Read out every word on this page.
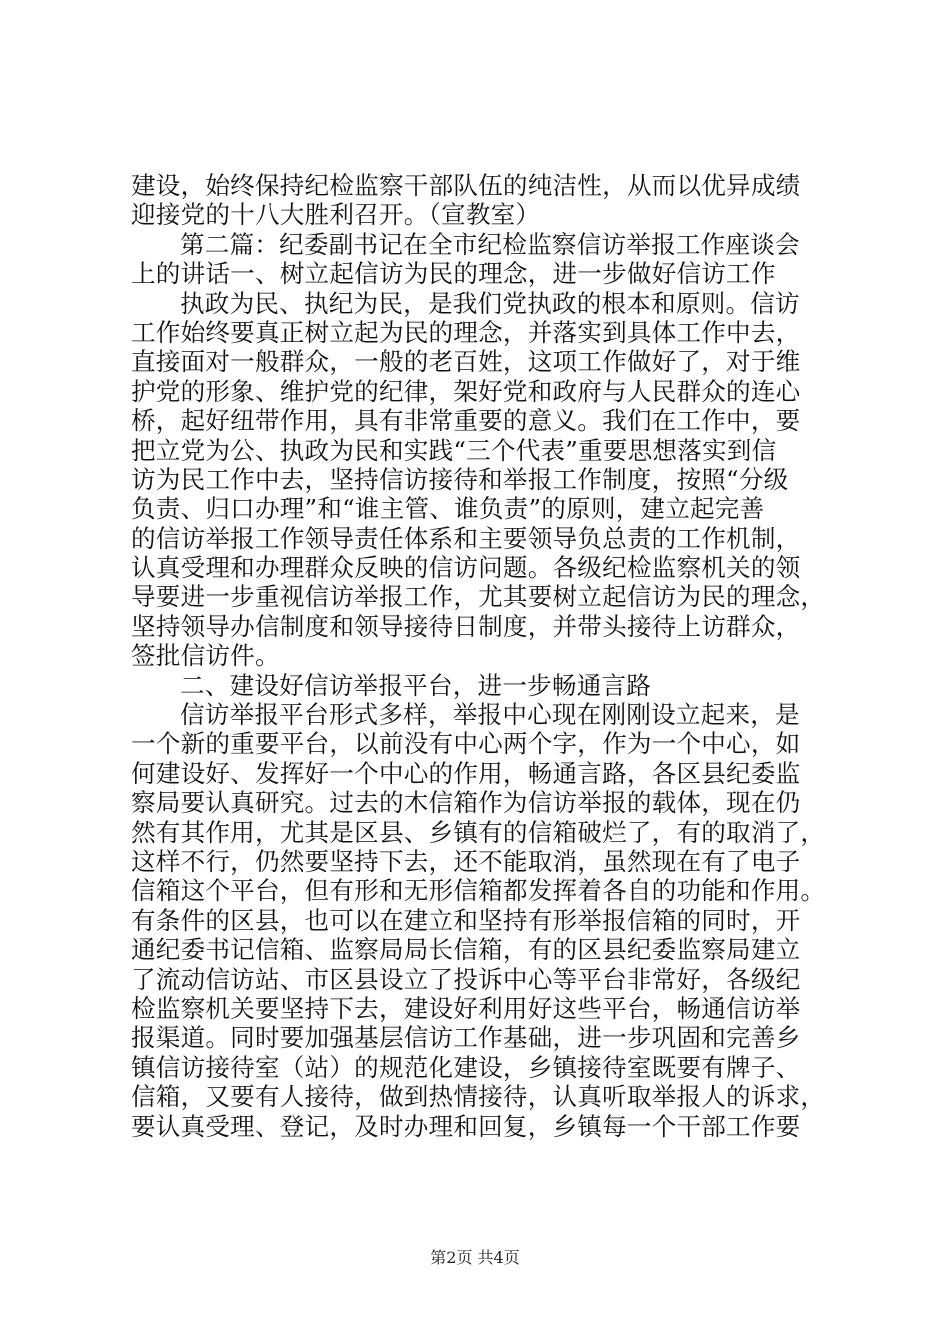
建设，始终保持纪检监察干部队伍的纯洁性，从而以优异成绩
迎接党的十八大胜利召开。（宣教室）
第二篇：纪委副书记在全市纪检监察信访举报工作座谈会
上的讲话一、树立起信访为民的理念，进一步做好信访工作
执政为民、执纪为民，是我们党执政的根本和原则。信访
工作始终要真正树立起为民的理念，并落实到具体工作中去，
直接面对一般群众，一般的老百姓，这项工作做好了，对于维
护党的形象、维护党的纪律，架好党和政府与人民群众的连心
桥，起好纽带作用，具有非常重要的意义。我们在工作中，要
把立党为公、执政为民和实践“三个代表”重要思想落实到信
访为民工作中去，坚持信访接待和举报工作制度，按照“分级
负责、归口办理”和“谁主管、谁负责”的原则，建立起完善
的信访举报工作领导责任体系和主要领导负总责的工作机制，
认真受理和办理群众反映的信访问题。各级纪检监察机关的领
导要进一步重视信访举报工作，尤其要树立起信访为民的理念，
坚持领导办信制度和领导接待日制度，并带头接待上访群众，
签批信访件。
二、建设好信访举报平台，进一步畅通言路
信访举报平台形式多样，举报中心现在刚刚设立起来，是
一个新的重要平台，以前没有中心两个字，作为一个中心，如
何建设好、发挥好一个中心的作用，畅通言路，各区县纪委监
察局要认真研究。过去的木信箱作为信访举报的载体，现在仍
然有其作用，尤其是区县、乡镇有的信箱破烂了，有的取消了，
这样不行，仍然要坚持下去，还不能取消，虽然现在有了电子
信箱这个平台，但有形和无形信箱都发挥着各自的功能和作用。
有条件的区县，也可以在建立和坚持有形举报信箱的同时，开
通纪委书记信箱、监察局局长信箱，有的区县纪委监察局建立
了流动信访站、市区县设立了投诉中心等平台非常好，各级纪
检监察机关要坚持下去，建设好利用好这些平台，畅通信访举
报渠道。同时要加强基层信访工作基础，进一步巩固和完善乡
镇信访接待室（站）的规范化建设，乡镇接待室既要有牌子、
信箱，又要有人接待，做到热情接待，认真听取举报人的诉求，
要认真受理、登记，及时办理和回复，乡镇每一个干部工作要
第2页 共4页
